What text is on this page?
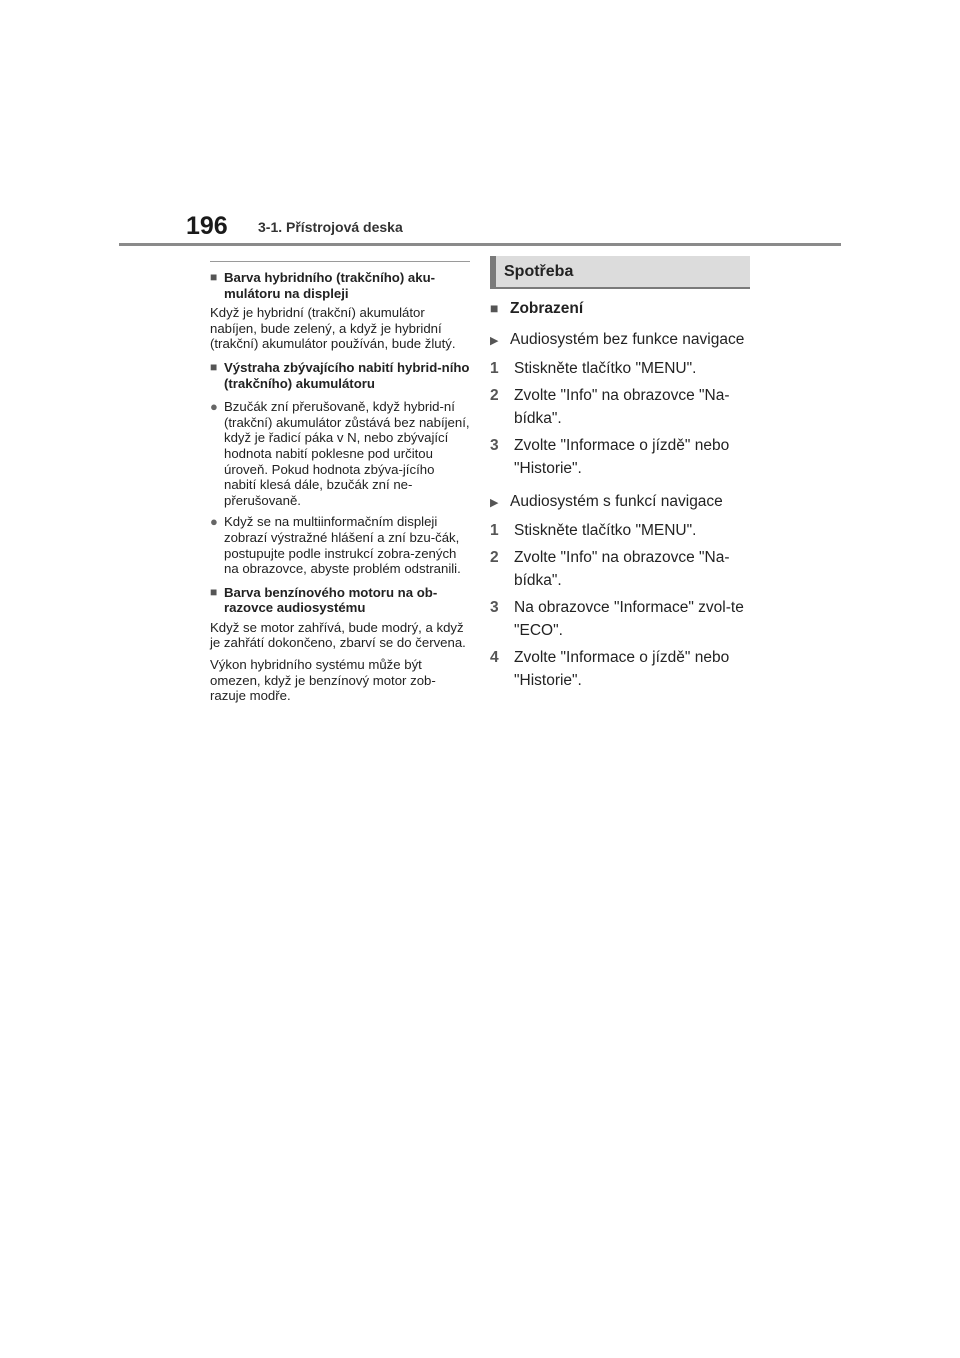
196 3-1. Přístrojová deska
■ Barva hybridního (trakčního) aku-mulátoru na displeji
Když je hybridní (trakční) akumulátor nabíjen, bude zelený, a když je hybridní (trakční) akumulátor používán, bude žlutý.
■ Výstraha zbývajícího nabití hybrid-ního (trakčního) akumulátoru
● Bzučák zní přerušovaně, když hybrid-ní (trakční) akumulátor zůstává bez nabíjení, když je řadicí páka v N, nebo zbývající hodnota nabití poklesne pod určitou úroveň. Pokud hodnota zbýva-jícího nabití klesá dále, bzučák zní ne-přerušovaně.
● Když se na multiinformačním displeji zobrazí výstražné hlášení a zní bzu-čák, postupujte podle instrukcí zobra-zených na obrazovce, abyste problém odstranili.
■ Barva benzínového motoru na ob-razovce audiosystému
Když se motor zahřívá, bude modrý, a když je zahřátí dokončeno, zbarví se do červena.
Výkon hybridního systému může být omezen, když je benzínový motor zob-razuje modře.
Spotřeba
■ Zobrazení
▶ Audiosystém bez funkce navigace
1 Stiskněte tlačítko "MENU".
2 Zvolte "Info" na obrazovce "Na-bídka".
3 Zvolte "Informace o jízdě" nebo "Historie".
▶ Audiosystém s funkcí navigace
1 Stiskněte tlačítko "MENU".
2 Zvolte "Info" na obrazovce "Na-bídka".
3 Na obrazovce "Informace" zvol-te "ECO".
4 Zvolte "Informace o jízdě" nebo "Historie".
